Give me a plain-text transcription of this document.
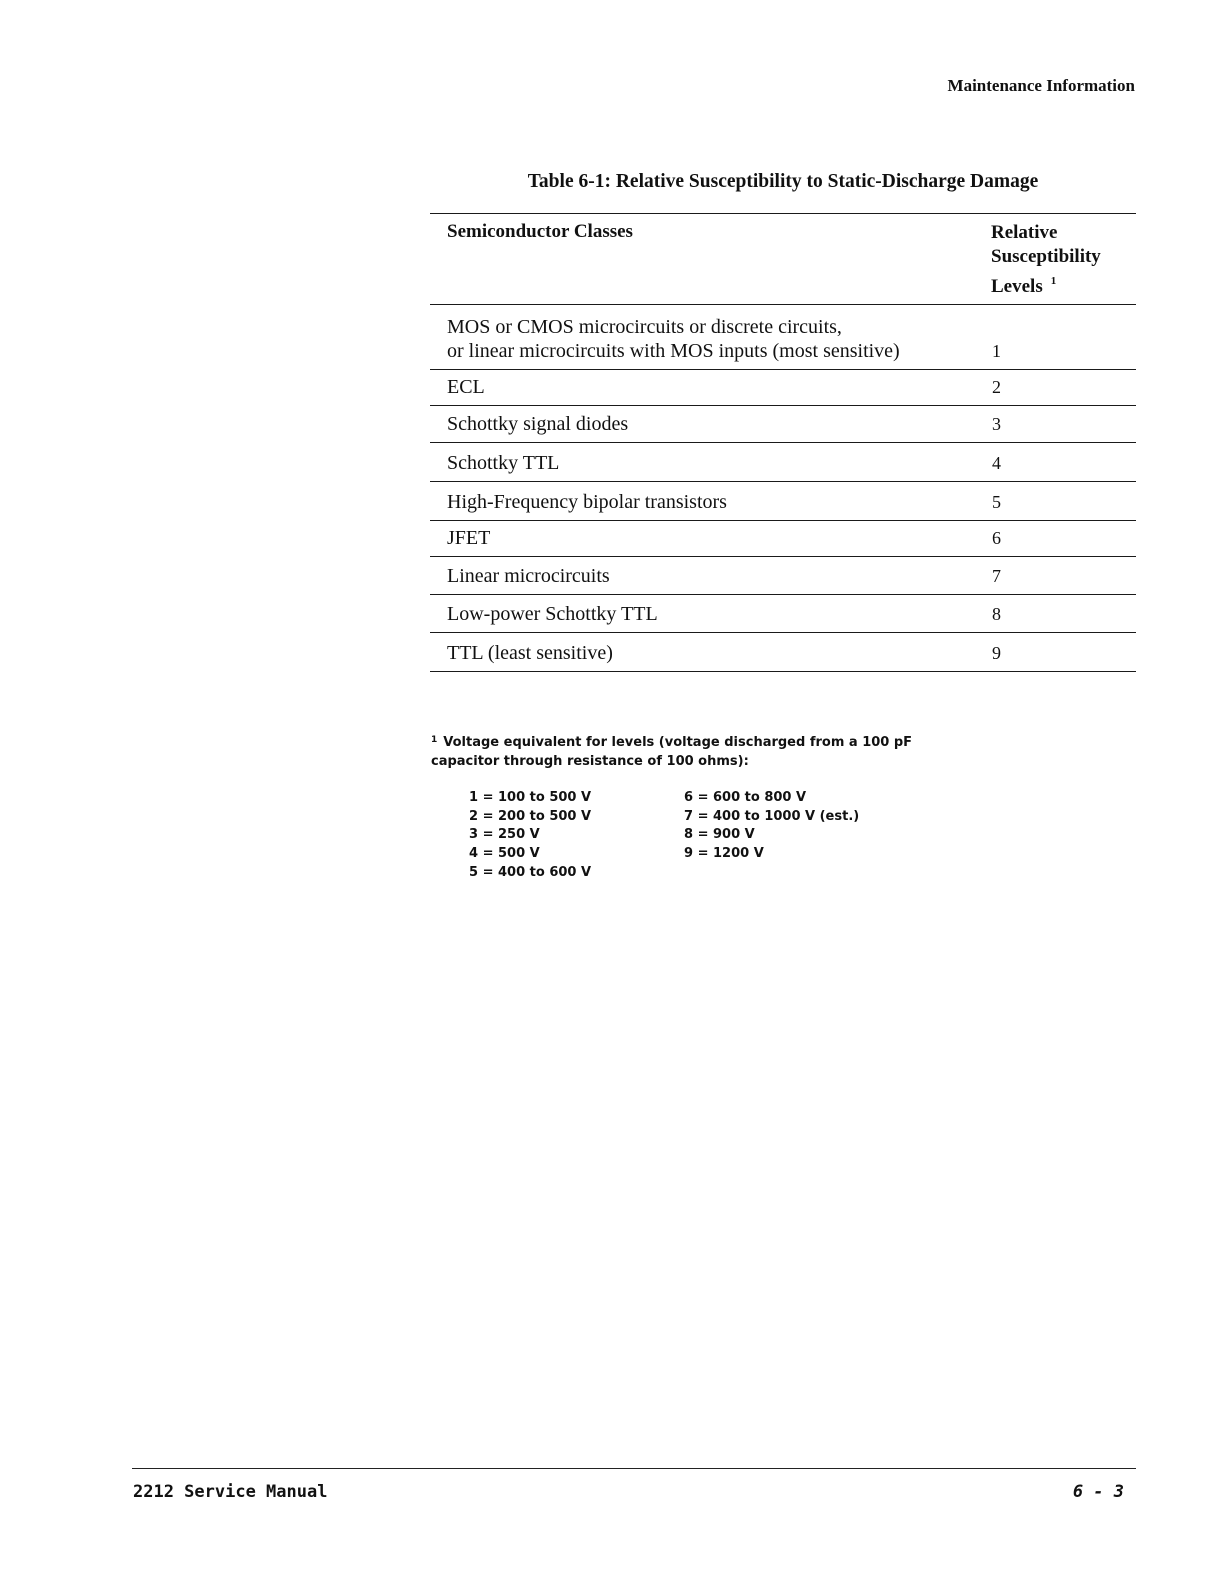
Maintenance Information
Table 6-1: Relative Susceptibility to Static-Discharge Damage
Semiconductor Classes	Relative
Susceptibility
Levels $^1$
MOS or CMOS microcircuits or discrete circuits,
or linear microcircuits with MOS inputs (most sensitive)	1
ECL	2
Schottky signal diodes	3
Schottky TTL	4
High-Frequency bipolar transistors	5
JFET	6
Linear microcircuits	7
Low-power Schottky TTL	8
TTL (least sensitive)	9
$^1$ Voltage equivalent for levels (voltage discharged from a 100 pF
capacitor through resistance of 100 ohms):
1 = 100 to 500 V
2 = 200 to 500 V
3 = 250 V
4 = 500 V
5 = 400 to 600 V
6 = 600 to 800 V
7 = 400 to 1000 V (est.)
8 = 900 V
9 = 1200 V
2212 Service Manual	6 - 3
